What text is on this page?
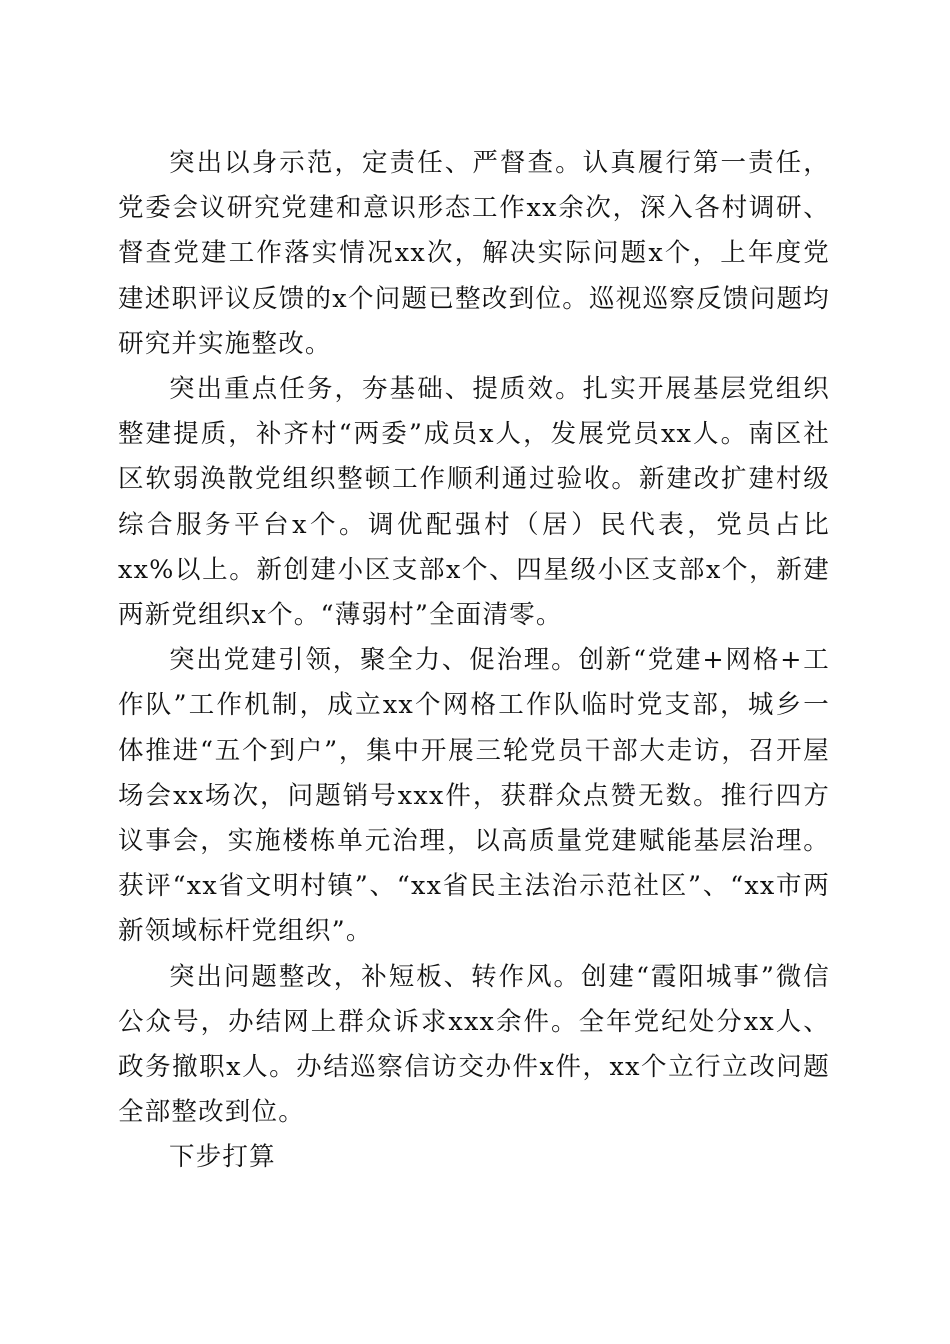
突出以身示范，定责任、严督查。认真履行第一责任，党委会议研究党建和意识形态工作xx余次，深入各村调研、督查党建工作落实情况xx次，解决实际问题x个，上年度党建述职评议反馈的x个问题已整改到位。巡视巡察反馈问题均研究并实施整改。

突出重点任务，夯基础、提质效。扎实开展基层党组织整建提质，补齐村“两委”成员x人，发展党员xx人。南区社区软弱涣散党组织整顿工作顺利通过验收。新建改扩建村级综合服务平台x个。调优配强村（居）民代表，党员占比xx%以上。新创建小区支部x个、四星级小区支部x个，新建两新党组织x个。“薄弱村”全面清零。

突出党建引领，聚全力、促治理。创新“党建+网格+工作队”工作机制，成立xx个网格工作队临时党支部，城乡一体推进“五个到户”，集中开展三轮党员干部大走访，召开屋场会xx场次，问题销号xxx件，获群众点赞无数。推行四方议事会，实施楼栋单元治理，以高质量党建赋能基层治理。获评“xx省文明村镇”、“xx省民主法治示范社区”、“xx市两新领域标杆党组织”。

突出问题整改，补短板、转作风。创建“霞阳城事”微信公众号，办结网上群众诉求xxx余件。全年党纪处分xx人、政务撤职x人。办结巡察信访交办件x件，xx个立行立改问题全部整改到位。

下步打算
